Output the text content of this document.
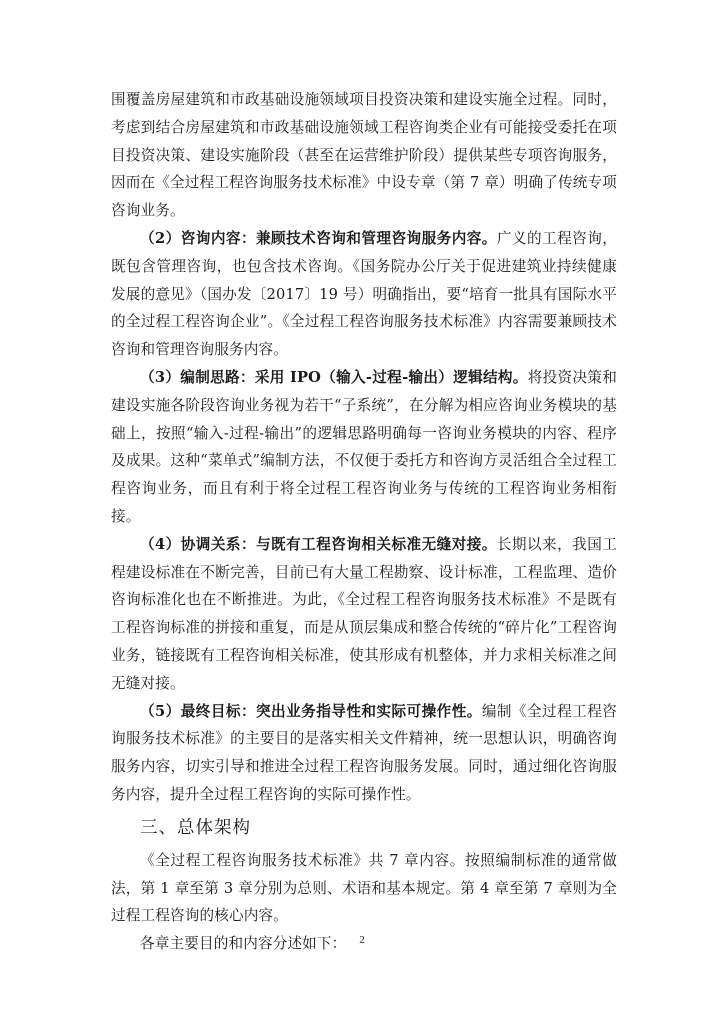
围覆盖房屋建筑和市政基础设施领域项目投资决策和建设实施全过程。同时，考虑到结合房屋建筑和市政基础设施领域工程咨询类企业有可能接受委托在项目投资决策、建设实施阶段（甚至在运营维护阶段）提供某些专项咨询服务，因而在《全过程工程咨询服务技术标准》中设专章（第 7 章）明确了传统专项咨询业务。

（2）咨询内容：兼顾技术咨询和管理咨询服务内容。广义的工程咨询，既包含管理咨询，也包含技术咨询。《国务院办公厅关于促进建筑业持续健康发展的意见》（国办发〔2017〕19 号）明确指出，要“培育一批具有国际水平的全过程工程咨询企业”。《全过程工程咨询服务技术标准》内容需要兼顾技术咨询和管理咨询服务内容。

（3）编制思路：采用 IPO（输入-过程-输出）逻辑结构。将投资决策和建设实施各阶段咨询业务视为若干“子系统”，在分解为相应咨询业务模块的基础上，按照“输入-过程-输出”的逻辑思路明确每一咨询业务模块的内容、程序及成果。这种“菜单式”编制方法，不仅便于委托方和咨询方灵活组合全过程工程咨询业务，而且有利于将全过程工程咨询业务与传统的工程咨询业务相衔接。

（4）协调关系：与既有工程咨询相关标准无缝对接。长期以来，我国工程建设标准在不断完善，目前已有大量工程勘察、设计标准，工程监理、造价咨询标准化也在不断推进。为此，《全过程工程咨询服务技术标准》不是既有工程咨询标准的拼接和重复，而是从顶层集成和整合传统的“碎片化”工程咨询业务，链接既有工程咨询相关标准，使其形成有机整体，并力求相关标准之间无缝对接。

（5）最终目标：突出业务指导性和实际可操作性。编制《全过程工程咨询服务技术标准》的主要目的是落实相关文件精神，统一思想认识，明确咨询服务内容，切实引导和推进全过程工程咨询服务发展。同时，通过细化咨询服务内容，提升全过程工程咨询的实际可操作性。

三、总体架构

《全过程工程咨询服务技术标准》共 7 章内容。按照编制标准的通常做法，第 1 章至第 3 章分别为总则、术语和基本规定。第 4 章至第 7 章则为全过程工程咨询的核心内容。

各章主要目的和内容分述如下：	2
